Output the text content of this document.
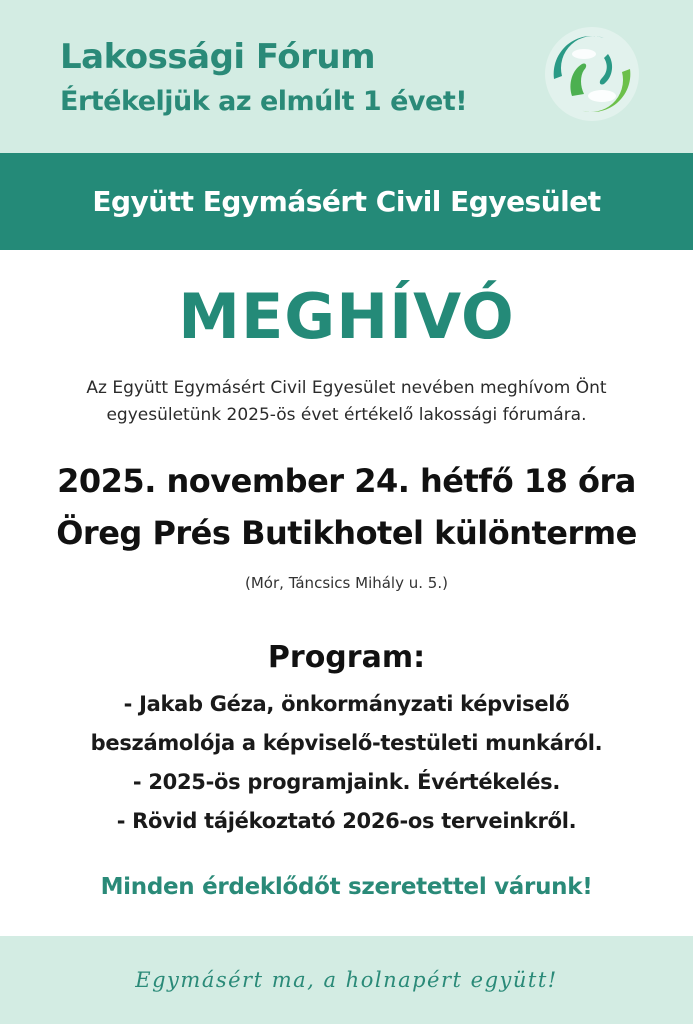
Lakossági Fórum
Értékeljük az elmúlt 1 évet!
Együtt Egymásért Civil Egyesület
MEGHÍVÓ
Az Együtt Egymásért Civil Egyesület nevében meghívom Önt
egyesületünk 2025-ös évet értékelő lakossági fórumára.
2025. november 24. hétfő 18 óra
Öreg Prés Butikhotel különterme
(Mór, Táncsics Mihály u. 5.)
Program:
- Jakab Géza, önkormányzati képviselő
beszámolója a képviselő-testületi munkáról.
- 2025-ös programjaink. Évértékelés.
- Rövid tájékoztató 2026-os terveinkről.
Minden érdeklődőt szeretettel várunk!
Egymásért ma, a holnapért együtt!
